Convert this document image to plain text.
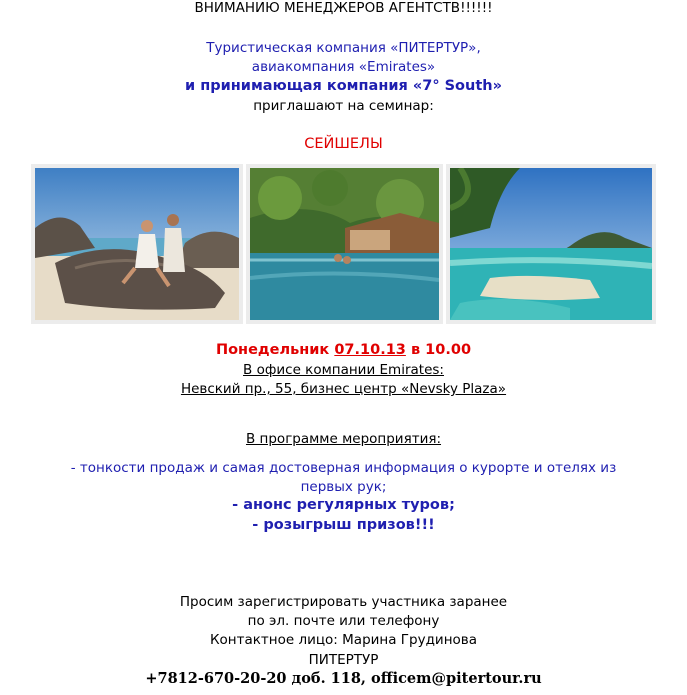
ВНИМАНИЮ МЕНЕДЖЕРОВ АГЕНТСТВ!!!!!!
Туристическая компания «ПИТЕРТУР»,
авиакомпания «Emirates»
и принимающая компания «7° South»
приглашают на семинар:
СЕЙШЕЛЫ
Понедельник 07.10.13 в 10.00
В офисе компании Emirates:
Невский пр., 55, бизнес центр «Nevsky Plaza»
В программе мероприятия:
- тонкости продаж и самая достоверная информация о курорте и отелях из
первых рук;
- анонс регулярных туров;
- розыгрыш призов!!!
Просим зарегистрировать участника заранее
по эл. почте или телефону
Контактное лицо: Марина Грудинова
ПИТЕРТУР
+7812-670-20-20 доб. 118, officem@pitertour.ru
